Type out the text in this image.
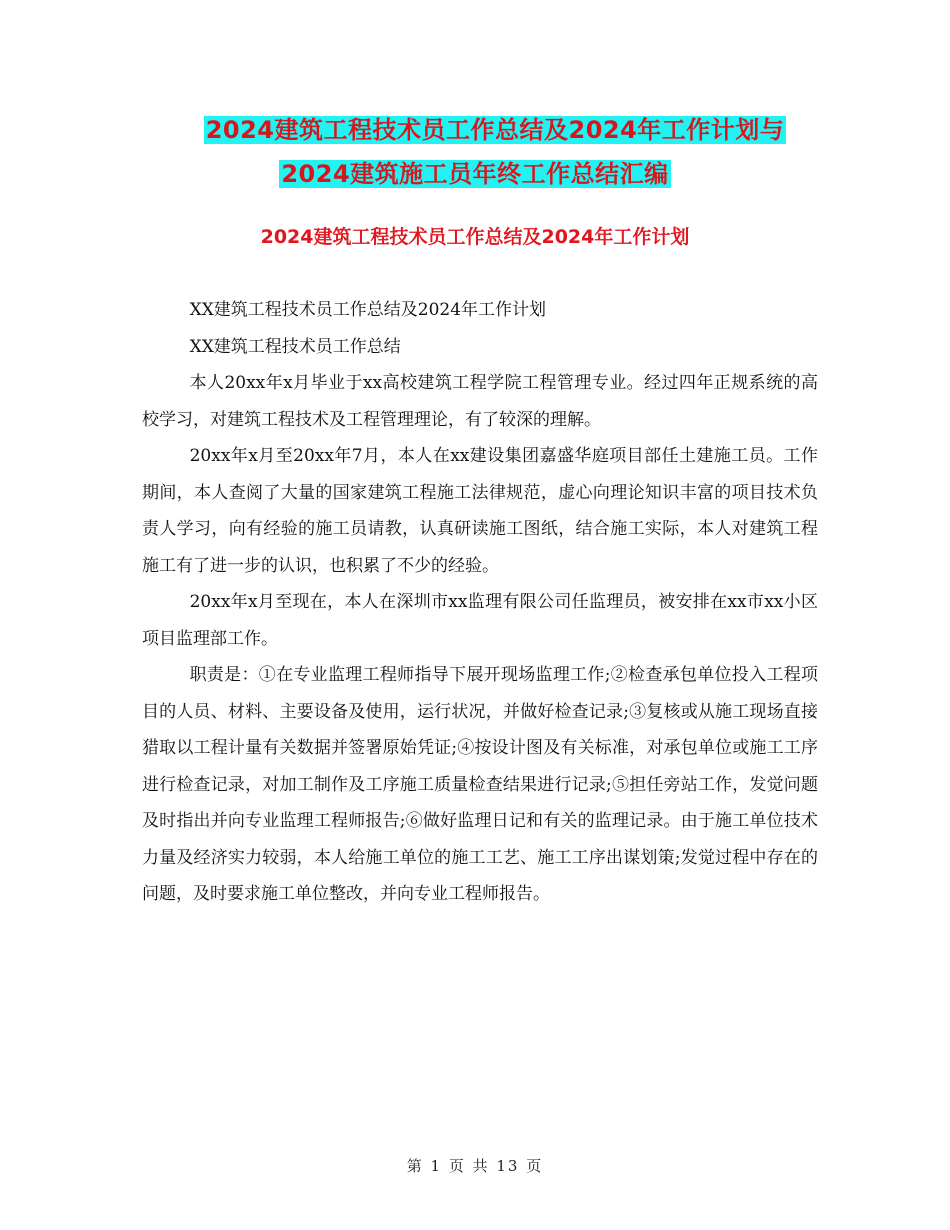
2024建筑工程技术员工作总结及2024年工作计划与
2024建筑施工员年终工作总结汇编
2024建筑工程技术员工作总结及2024年工作计划

XX建筑工程技术员工作总结及2024年工作计划

XX建筑工程技术员工作总结

本人20xx年x月毕业于xx高校建筑工程学院工程管理专业。经过四年正规系统的高校学习，对建筑工程技术及工程管理理论，有了较深的理解。

20xx年x月至20xx年7月，本人在xx建设集团嘉盛华庭项目部任土建施工员。工作期间，本人查阅了大量的国家建筑工程施工法律规范，虚心向理论知识丰富的项目技术负责人学习，向有经验的施工员请教，认真研读施工图纸，结合施工实际，本人对建筑工程施工有了进一步的认识，也积累了不少的经验。

20xx年x月至现在，本人在深圳市xx监理有限公司任监理员，被安排在xx市xx小区项目监理部工作。

职责是：①在专业监理工程师指导下展开现场监理工作;②检查承包单位投入工程项目的人员、材料、主要设备及使用，运行状况，并做好检查记录;③复核或从施工现场直接猎取以工程计量有关数据并签署原始凭证;④按设计图及有关标准，对承包单位或施工工序进行检查记录，对加工制作及工序施工质量检查结果进行记录;⑤担任旁站工作，发觉问题及时指出并向专业监理工程师报告;⑥做好监理日记和有关的监理记录。由于施工单位技术力量及经济实力较弱，本人给施工单位的施工工艺、施工工序出谋划策;发觉过程中存在的问题，及时要求施工单位整改，并向专业工程师报告。

第 1 页 共 13 页
